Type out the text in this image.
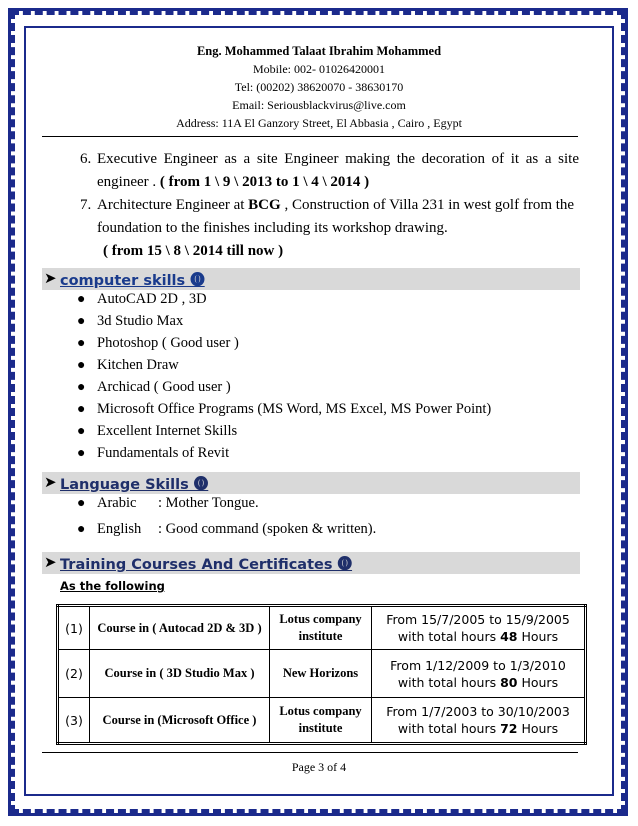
Eng. Mohammed Talaat Ibrahim Mohammed
Mobile: 002- 01026420001
Tel: (00202) 38620070 - 38630170
Email: Seriousblackvirus@live.com
Address: 11A El Ganzory Street, El Abbasia , Cairo , Egypt
6. Executive Engineer as a site Engineer making the decoration of it as a site
engineer . ( from 1 \ 9 \ 2013 to 1 \ 4 \ 2014 )
7. Architecture Engineer at BCG , Construction of Villa 231 in west golf from the
foundation to the finishes including its workshop drawing.
( from 15 \ 8 \ 2014 till now )
➤ computer skills ⓿
● AutoCAD 2D , 3D
● 3d Studio Max
● Photoshop ( Good user )
● Kitchen Draw
● Archicad ( Good user )
● Microsoft Office Programs (MS Word, MS Excel, MS Power Point)
● Excellent Internet Skills
● Fundamentals of Revit
➤ Language Skills ⓿
● Arabic : Mother Tongue.
● English : Good command (spoken & written).
➤ Training Courses And Certificates ⓿
As the following
(1)	Course in ( Autocad 2D & 3D )	Lotus company institute	From 15/7/2005 to 15/9/2005
with total hours 48 Hours

(2)	Course in ( 3D Studio Max )	New Horizons	From 1/12/2009 to 1/3/2010
with total hours 80 Hours

(3)	Course in (Microsoft Office )	Lotus company institute	From 1/7/2003 to 30/10/2003
with total hours 72 Hours
Page 3 of 4
